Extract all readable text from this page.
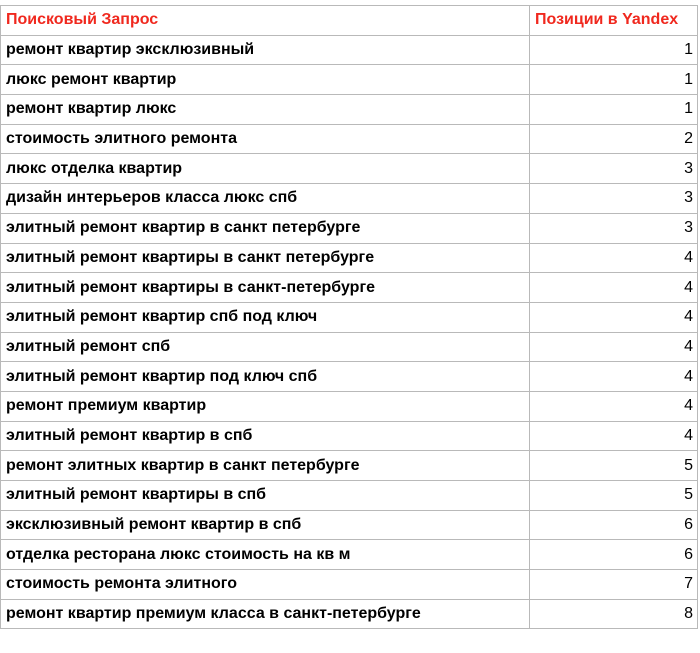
Поисковый Запрос	Позиции в Yandex
ремонт квартир эксклюзивный	1
люкс ремонт квартир	1
ремонт квартир люкс	1
стоимость элитного ремонта	2
люкс отделка квартир	3
дизайн интерьеров класса люкс спб	3
элитный ремонт квартир в санкт петербурге	3
элитный ремонт квартиры в санкт петербурге	4
элитный ремонт квартиры в санкт-петербурге	4
элитный ремонт квартир спб под ключ	4
элитный ремонт спб	4
элитный ремонт квартир под ключ спб	4
ремонт премиум квартир	4
элитный ремонт квартир в спб	4
ремонт элитных квартир в санкт петербурге	5
элитный ремонт квартиры в спб	5
эксклюзивный ремонт квартир в спб	6
отделка ресторана люкс стоимость на кв м	6
стоимость ремонта элитного	7
ремонт квартир премиум класса в санкт-петербурге	8
